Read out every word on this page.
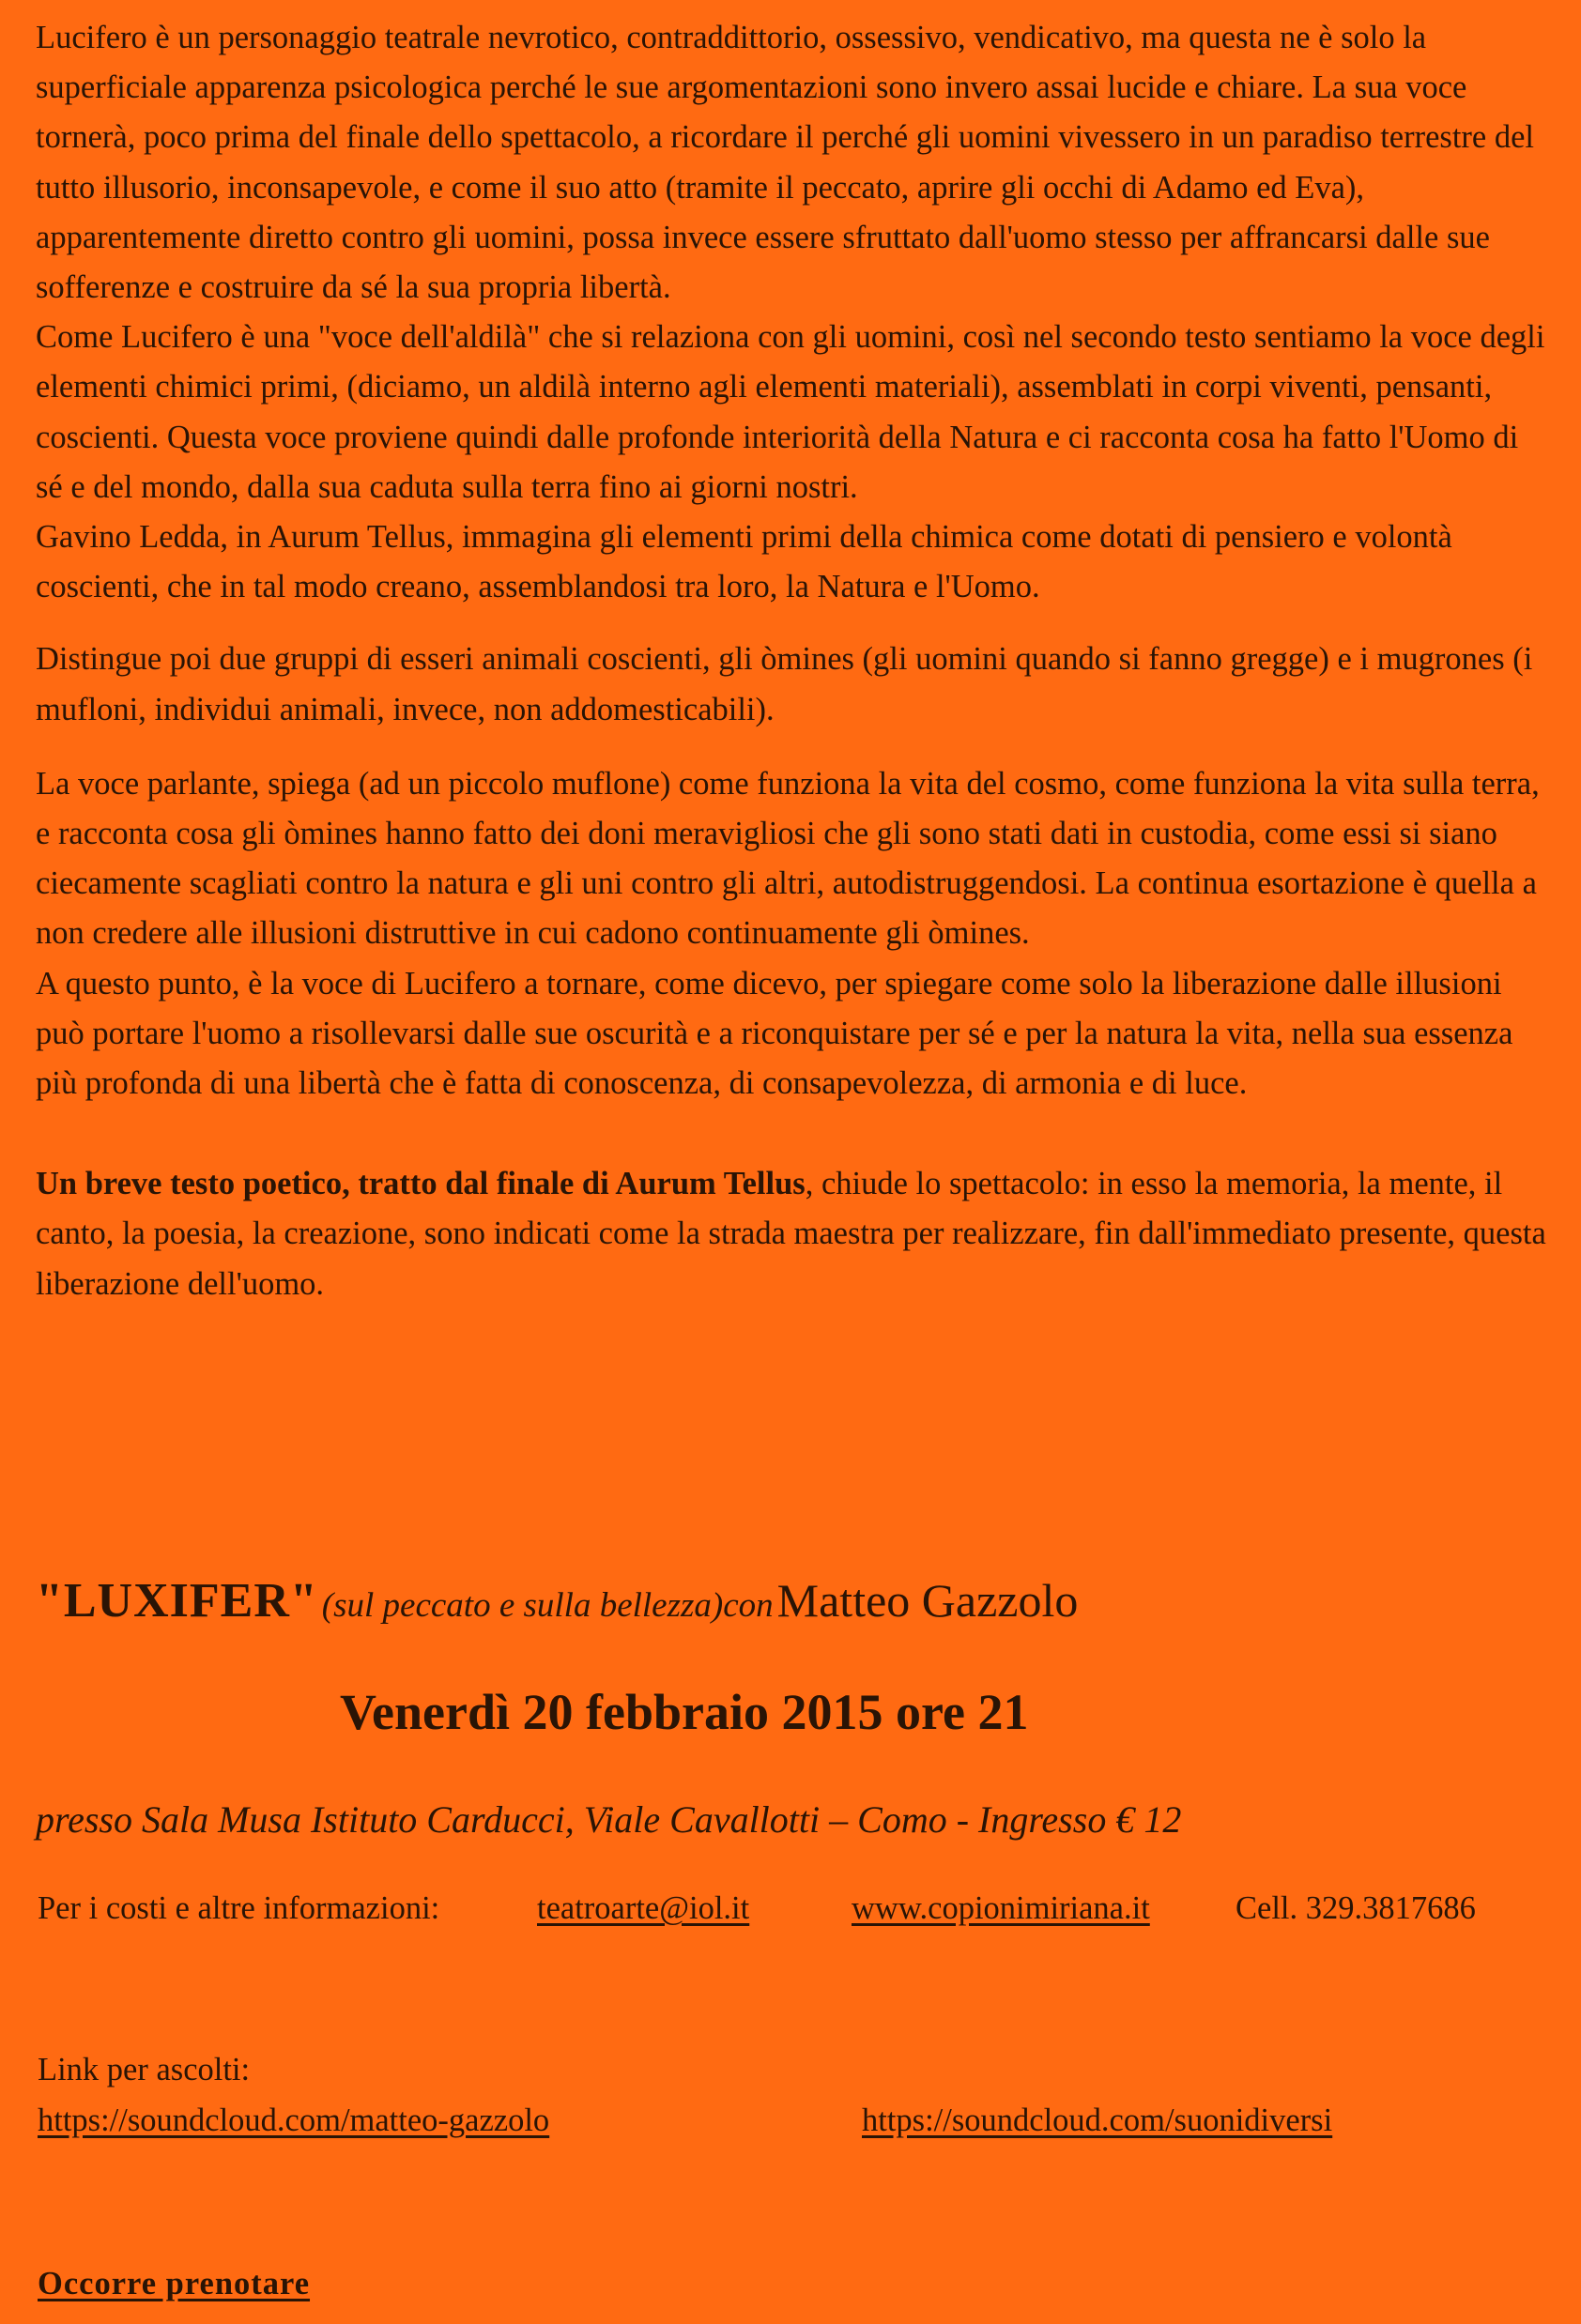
Lucifero è un personaggio teatrale nevrotico, contraddittorio, ossessivo, vendicativo, ma questa ne è solo la superficiale apparenza psicologica perché le sue argomentazioni sono invero assai lucide e chiare. La sua voce tornerà, poco prima del finale dello spettacolo, a ricordare il perché gli uomini vivessero in un paradiso terrestre del tutto illusorio, inconsapevole, e come il suo atto (tramite il peccato, aprire gli occhi di Adamo ed Eva), apparentemente diretto contro gli uomini, possa invece essere sfruttato dall'uomo stesso per affrancarsi dalle sue sofferenze e costruire da sé la sua propria libertà.

Come Lucifero è una "voce dell'aldilà" che si relaziona con gli uomini, così nel secondo testo sentiamo la voce degli elementi chimici primi, (diciamo, un aldilà interno agli elementi materiali), assemblati in corpi viventi, pensanti, coscienti. Questa voce proviene quindi dalle profonde interiorità della Natura e ci racconta cosa ha fatto l'Uomo di sé e del mondo, dalla sua caduta sulla terra fino ai giorni nostri.

Gavino Ledda, in Aurum Tellus, immagina gli elementi primi della chimica come dotati di pensiero e volontà coscienti, che in tal modo creano, assemblandosi tra loro, la Natura e l'Uomo.

Distingue poi due gruppi di esseri animali coscienti, gli òmines (gli uomini quando si fanno gregge) e i mugrones (i mufloni, individui animali, invece, non addomesticabili).

La voce parlante, spiega (ad un piccolo muflone) come funziona la vita del cosmo, come funziona la vita sulla terra, e racconta cosa gli òmines hanno fatto dei doni meravigliosi che gli sono stati dati in custodia, come essi si siano ciecamente scagliati contro la natura e gli uni contro gli altri, autodistruggendosi. La continua esortazione è quella a non credere alle illusioni distruttive in cui cadono continuamente gli òmines.

A questo punto, è la voce di Lucifero a tornare, come dicevo, per spiegare come solo la liberazione dalle illusioni può portare l'uomo a risollevarsi dalle sue oscurità e a riconquistare per sé e per la natura la vita, nella sua essenza più profonda di una libertà che è fatta di conoscenza, di consapevolezza, di armonia e di luce.

Un breve testo poetico, tratto dal finale di Aurum Tellus, chiude lo spettacolo: in esso la memoria, la mente, il canto, la poesia, la creazione, sono indicati come la strada maestra per realizzare, fin dall'immediato presente, questa liberazione dell'uomo.

"LUXIFER" (sul peccato e sulla bellezza)con Matteo Gazzolo
Venerdì 20 febbraio 2015 ore 21
presso Sala Musa Istituto Carducci, Viale Cavallotti – Como - Ingresso € 12
Per i costi e altre informazioni:	teatroarte@iol.it	www.copionimiriana.it	Cell. 329.3817686
Link per ascolti:
https://soundcloud.com/matteo-gazzolo	https://soundcloud.com/suonidiversi
Occorre prenotare
